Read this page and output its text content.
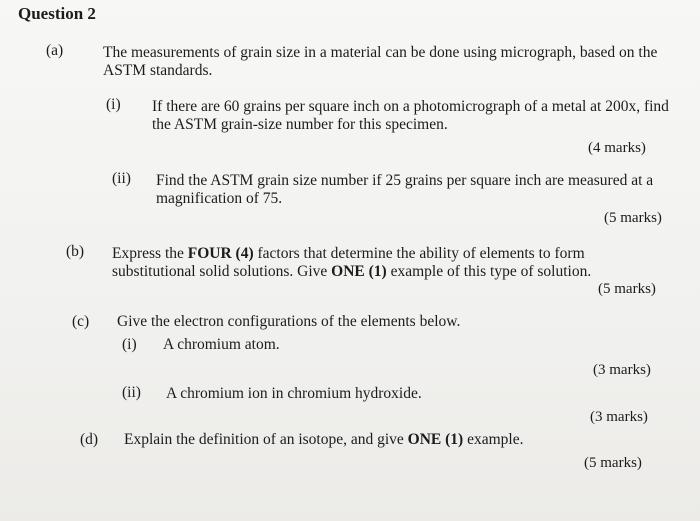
Question 2
(a)	The measurements of grain size in a material can be done using micrograph, based on the ASTM standards.
(i) If there are 60 grains per square inch on a photomicrograph of a metal at 200x, find the ASTM grain-size number for this specimen.
(4 marks)
(ii) Find the ASTM grain size number if 25 grains per square inch are measured at a magnification of 75.
(5 marks)
(b) Express the FOUR (4) factors that determine the ability of elements to form substitutional solid solutions. Give ONE (1) example of this type of solution.
(5 marks)
(c) Give the electron configurations of the elements below.
(i) A chromium atom.
(3 marks)
(ii) A chromium ion in chromium hydroxide.
(3 marks)
(d) Explain the definition of an isotope, and give ONE (1) example.
(5 marks)
